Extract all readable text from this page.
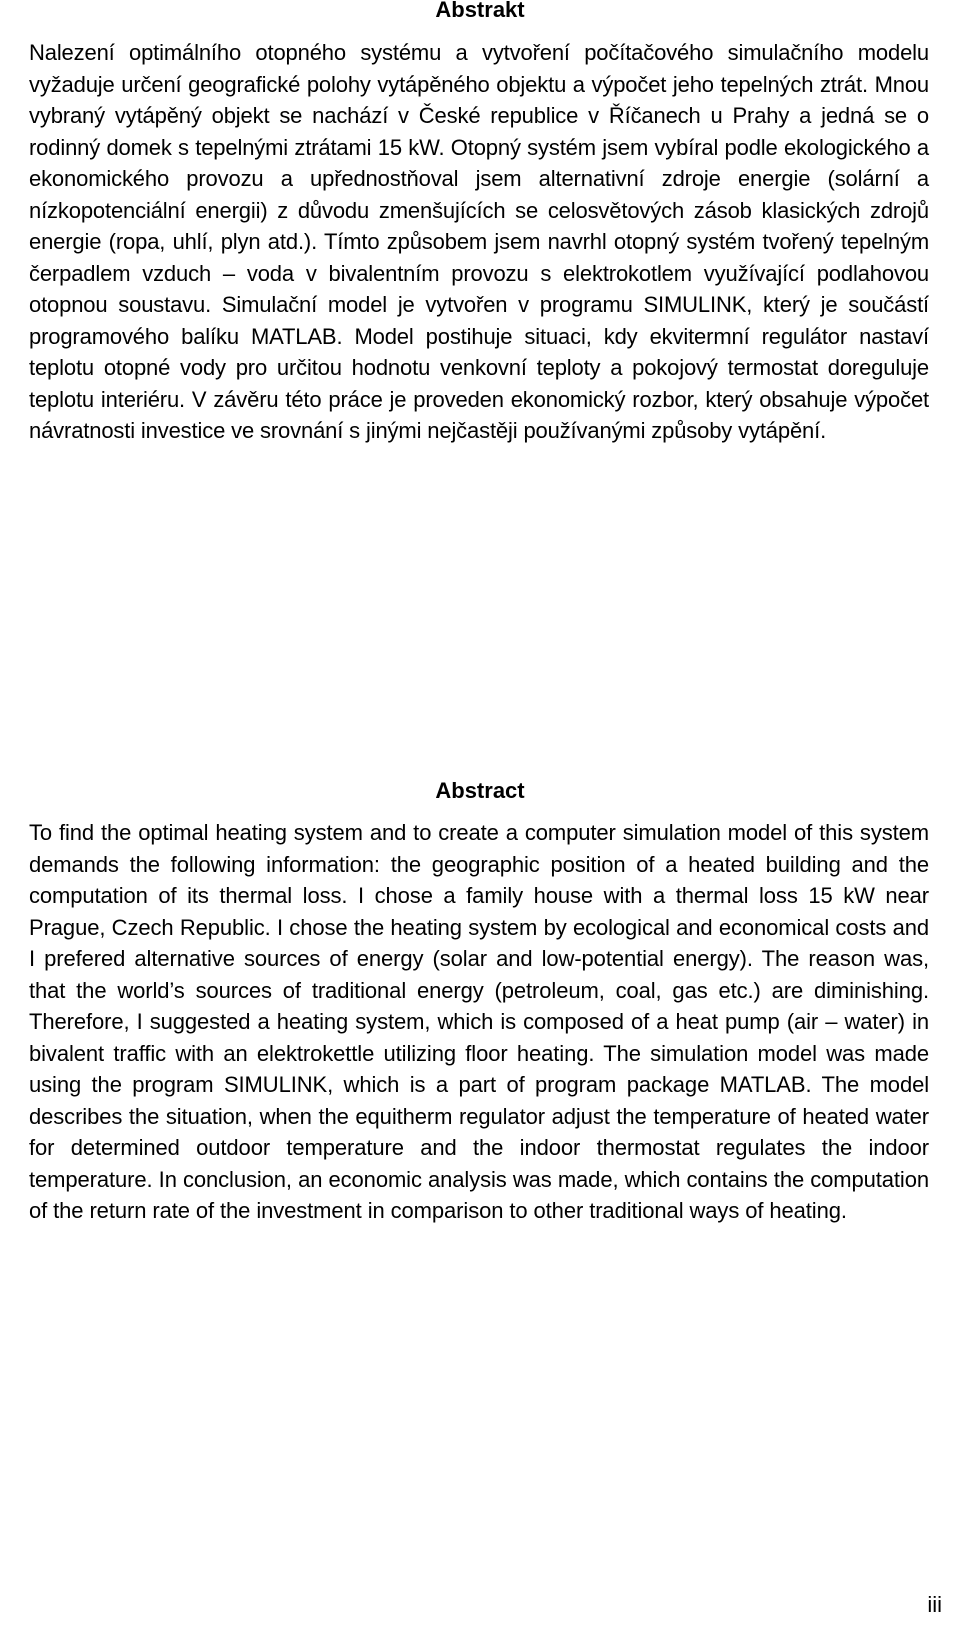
Abstrakt

Nalezení optimálního otopného systému a vytvoření počítačového simulačního modelu vyžaduje určení geografické polohy vytápěného objektu a výpočet jeho tepelných ztrát. Mnou vybraný vytápěný objekt se nachází v České republice v Říčanech u Prahy a jedná se o rodinný domek s tepelnými ztrátami 15 kW. Otopný systém jsem vybíral podle ekologického a ekonomického provozu a upřednostňoval jsem alternativní zdroje energie (solární a nízkopotenciální energii) z důvodu zmenšujících se celosvětových zásob klasických zdrojů energie (ropa, uhlí, plyn atd.). Tímto způsobem jsem navrhl otopný systém tvořený tepelným čerpadlem vzduch – voda v bivalentním provozu s elektrokotlem využívající podlahovou otopnou soustavu. Simulační model je vytvořen v programu SIMULINK, který je součástí programového balíku MATLAB. Model postihuje situaci, kdy ekvitermní regulátor nastaví teplotu otopné vody pro určitou hodnotu venkovní teploty a pokojový termostat doreguluje teplotu interiéru. V závěru této práce je proveden ekonomický rozbor, který obsahuje výpočet návratnosti investice ve srovnání s jinými nejčastěji používanými způsoby vytápění.

Abstract

To find the optimal heating system and to create a computer simulation model of this system demands the following information: the geographic position of a heated building and the computation of its thermal loss. I chose a family house with a thermal loss 15 kW near Prague, Czech Republic. I chose the heating system by ecological and economical costs and I prefered alternative sources of energy (solar and low-potential energy). The reason was, that the world’s sources of traditional energy (petroleum, coal, gas etc.) are diminishing. Therefore, I suggested a heating system, which is composed of a heat pump (air – water) in bivalent traffic with an elektrokettle utilizing floor heating. The simulation model was made using the program SIMULINK, which is a part of program package MATLAB. The model describes the situation, when the equitherm regulator adjust the temperature of heated water for determined outdoor temperature and the indoor thermostat regulates the indoor temperature. In conclusion, an economic analysis was made, which contains the computation of the return rate of the investment in comparison to other traditional ways of heating.

iii
